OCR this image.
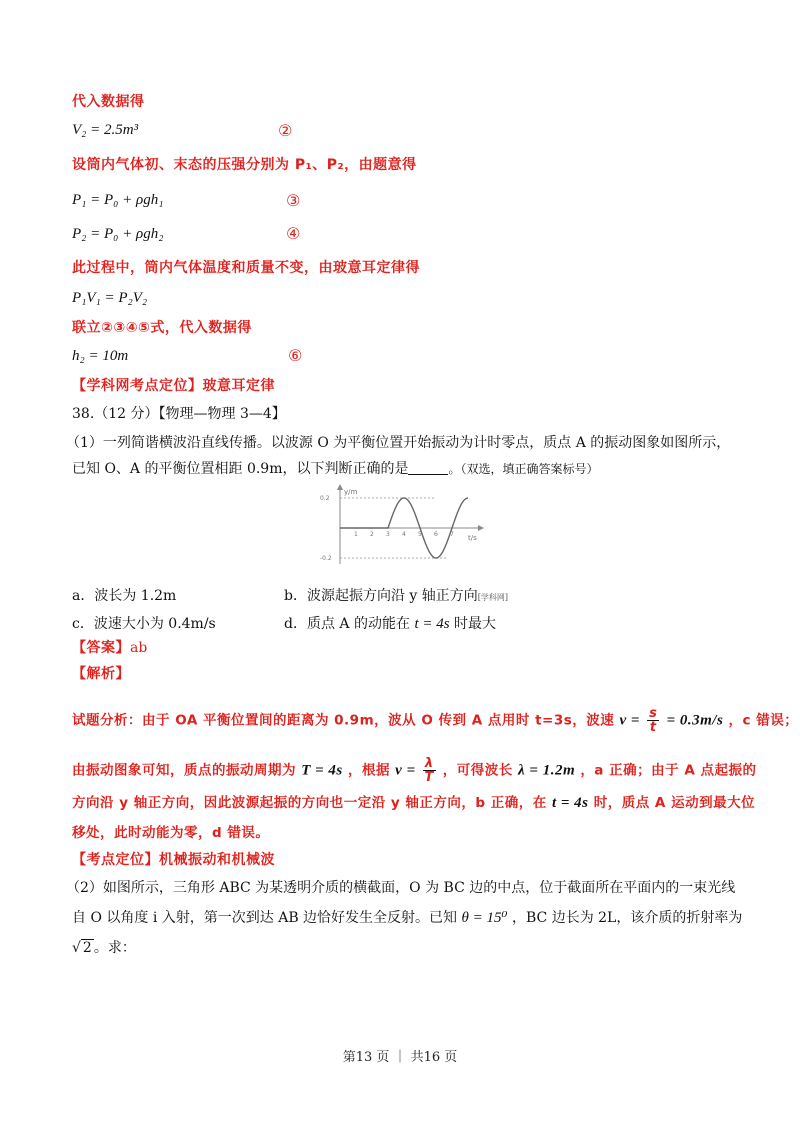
代入数据得
V₂ = 2.5m³	②
设筒内气体初、末态的压强分别为 P₁、P₂，由题意得
P₁ = P₀ + ρgh₁	③
P₂ = P₀ + ρgh₂	④
此过程中，筒内气体温度和质量不变，由玻意耳定律得
P₁V₁ = P₂V₂
联立②③④⑤式，代入数据得
h₂ = 10m	⑥
【学科网考点定位】玻意耳定律
38.（12 分）【物理—物理 3—4】
（1）一列简谐横波沿直线传播。以波源 O 为平衡位置开始振动为计时零点，质点 A 的振动图象如图所示，
已知 O、A 的平衡位置相距 0.9m，以下判断正确的是	。（双选，填正确答案标号）
1 2 3 4 5 6 7
0.2
-0.2
y/m
t/s
a．波长为 1.2m	b．波源起振方向沿 y 轴正方向[学科网]
c．波速大小为 0.4m/s	d．质点 A 的动能在 t = 4s 时最大
【答案】ab
【解析】
试题分析：由于 OA 平衡位置间的距离为 0.9m，波从 O 传到 A 点用时 t=3s，波速 $v = \frac{s}{t} = 0.3m/s$ ，c 错误；
由振动图象可知，质点的振动周期为 T = 4s ，根据 $v = \frac{\lambda}{T}$ ，可得波长 λ = 1.2m ，a 正确；由于 A 点起振的
方向沿 y 轴正方向，因此波源起振的方向也一定沿 y 轴正方向，b 正确，在 t = 4s 时，质点 A 运动到最大位
移处，此时动能为零，d 错误。
【考点定位】机械振动和机械波
（2）如图所示，三角形 ABC 为某透明介质的横截面，O 为 BC 边的中点，位于截面所在平面内的一束光线
自 O 以角度 i 入射，第一次到达 AB 边恰好发生全反射。已知 θ = 15⁰ ，BC 边长为 2L，该介质的折射率为
√ 2 。求：
第13 页 ｜ 共16 页
